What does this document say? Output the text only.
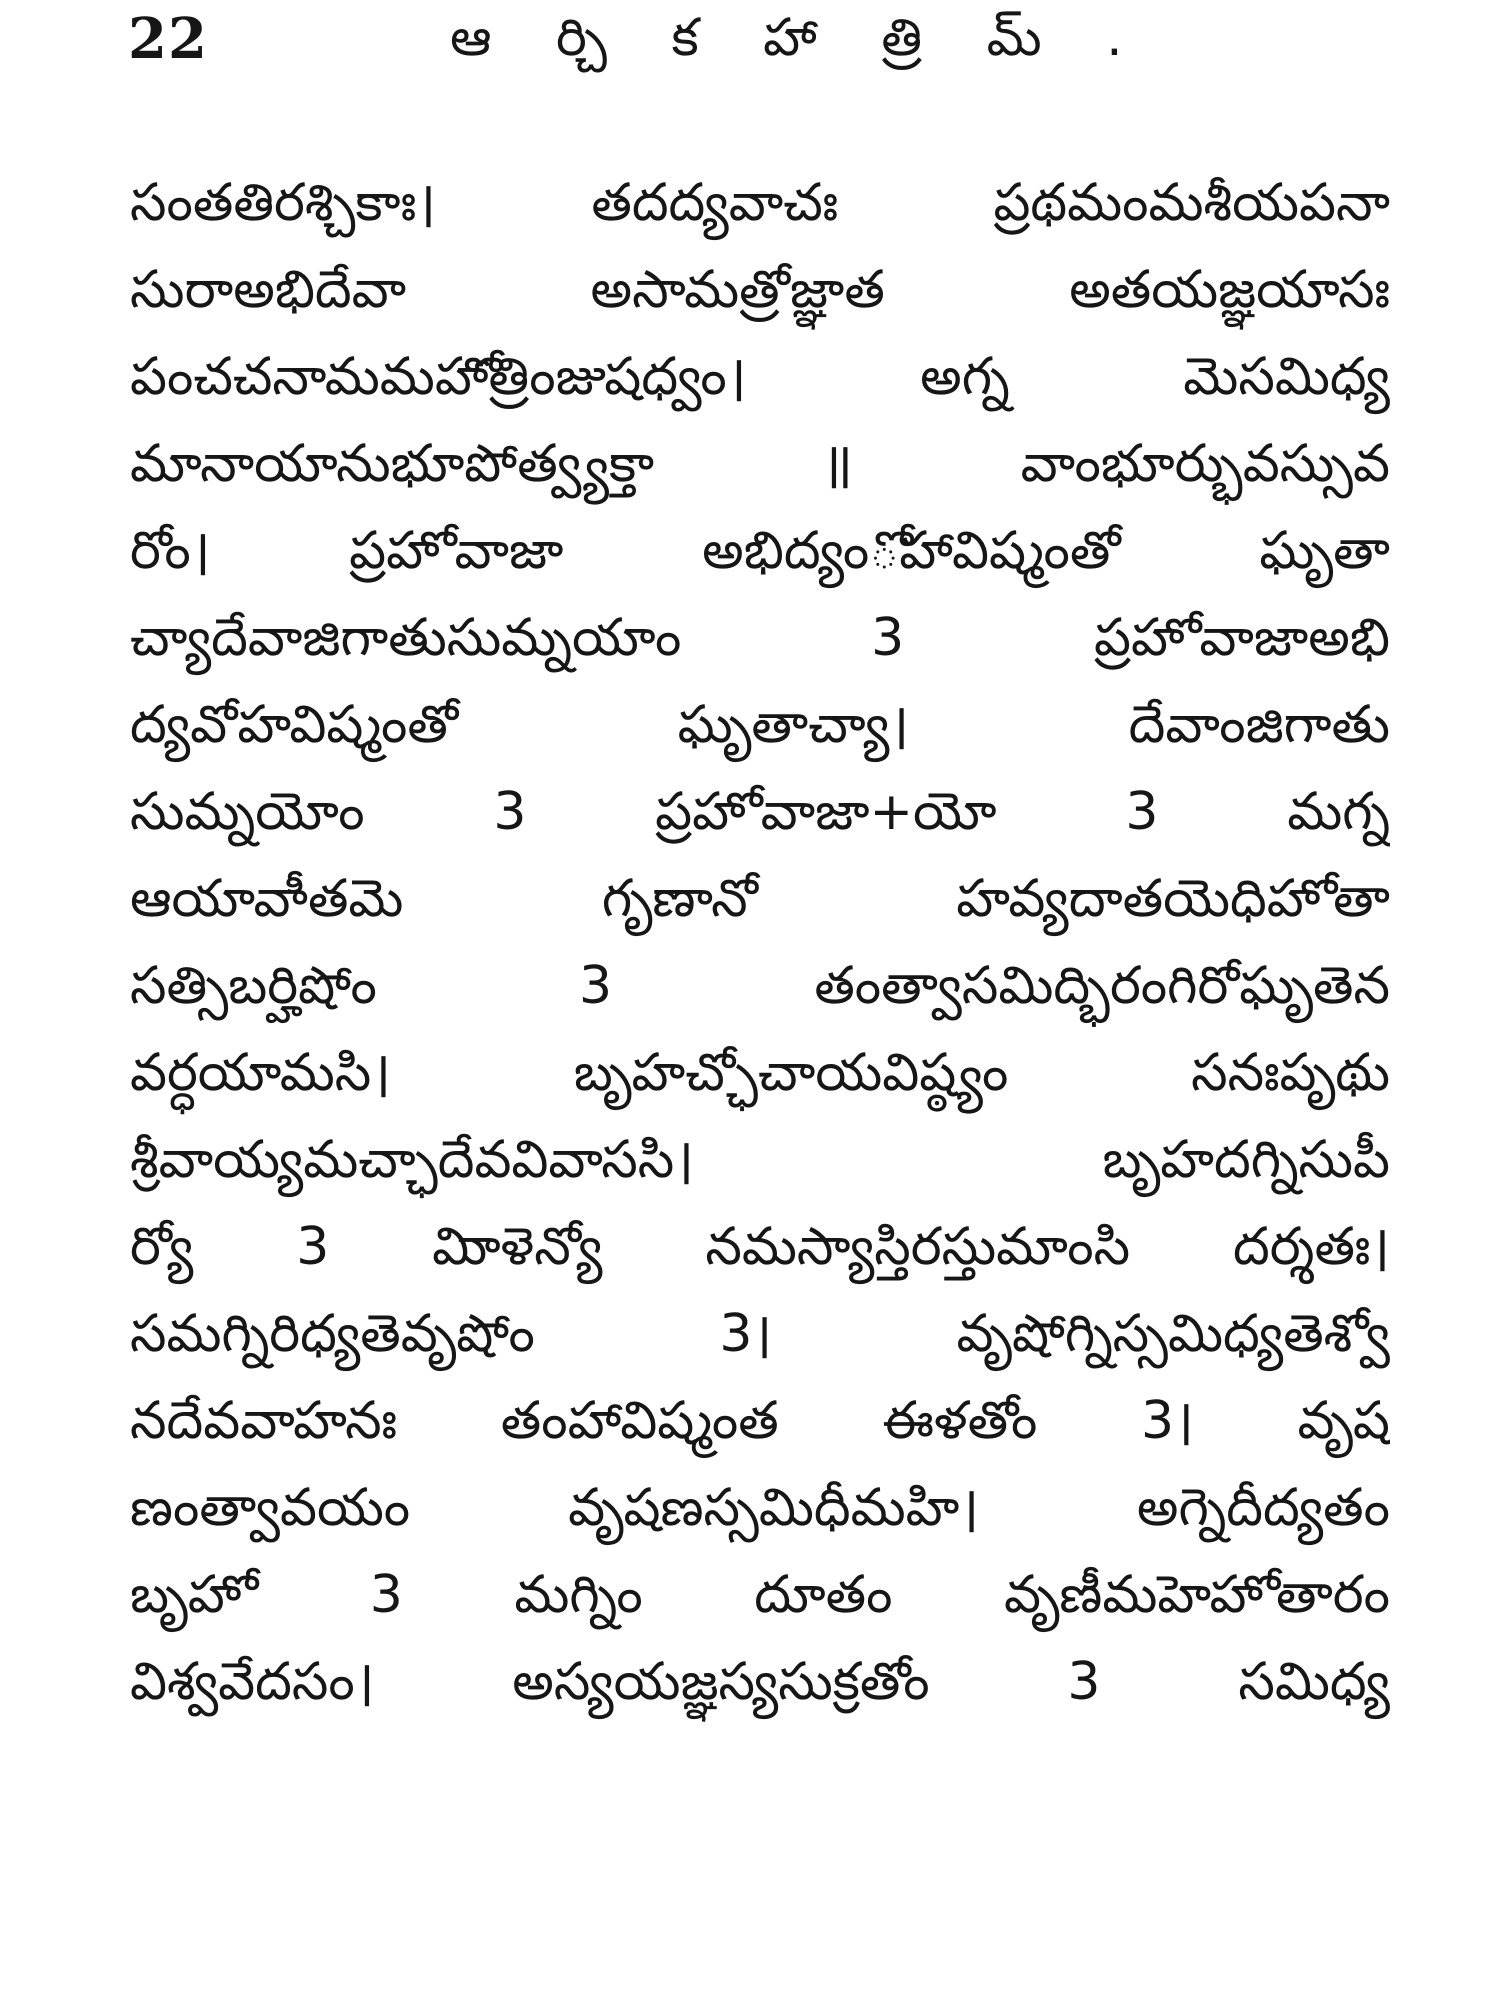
22	ఆ ర్చి క హా త్రి మ్ .
సంతతిరశ్చికాః। తదద్యవాచః ప్రథమంమశీయపనా
సురాఅభిదేవా అసామత్రోజ్ఞాత అతయజ్ఞయాసః
పంచచనామమహాోత్రింజుషధ్వం। అగ్న మెసమిధ్య
మానాయానుభూపోత్వ్యక్తా ॥ వాంభూర్భువస్సువ
రోం। ప్రహోవాజా అభిద్యంోహావిష్మంతో ఘృతా
చ్యాదేవాజిగాతుసుమ్నయాం 3 ప్రహోవాజాఅభి
ద్యవోహవిష్మంతో ఘృతాచ్యా। దేవాంజిగాతు
సుమ్నయోం 3 ప్రహోవాజా+యో 3 మగ్న
ఆయావాీతమె గృణానో హవ్యదాతయెధిహోతా
సత్సిబర్హిషోం 3 తంత్వాసమిద్భిరంగిరోఘృతెన
వర్ధయామసి। బృహచ్ఛోచాయవిష్ఠ్యం సనఃపృథు
శ్రీవాయ్యమచ్ఛాదేవవివాససి। బృహదగ్నిసుపీ
ర్యో 3 మిాళెన్యో నమస్యాస్తిరస్తుమాంసి దర్శతః।
సమగ్నిరిధ్యతెవృషోం 3। వృషోగ్నిస్సమిధ్యతెశ్వో
నదేవవాహనః తంహావిష్మంత ఈళతోం 3। వృష
ణంత్వావయం వృషణస్సమిధీమహి। అగ్నెదీద్యతం
బృహో 3 మగ్నిం దూతం వృణీమహెహోతారం
విశ్వవేదసం। అస్యయజ్ఞస్యసుక్రతోం 3 సమిధ్య
